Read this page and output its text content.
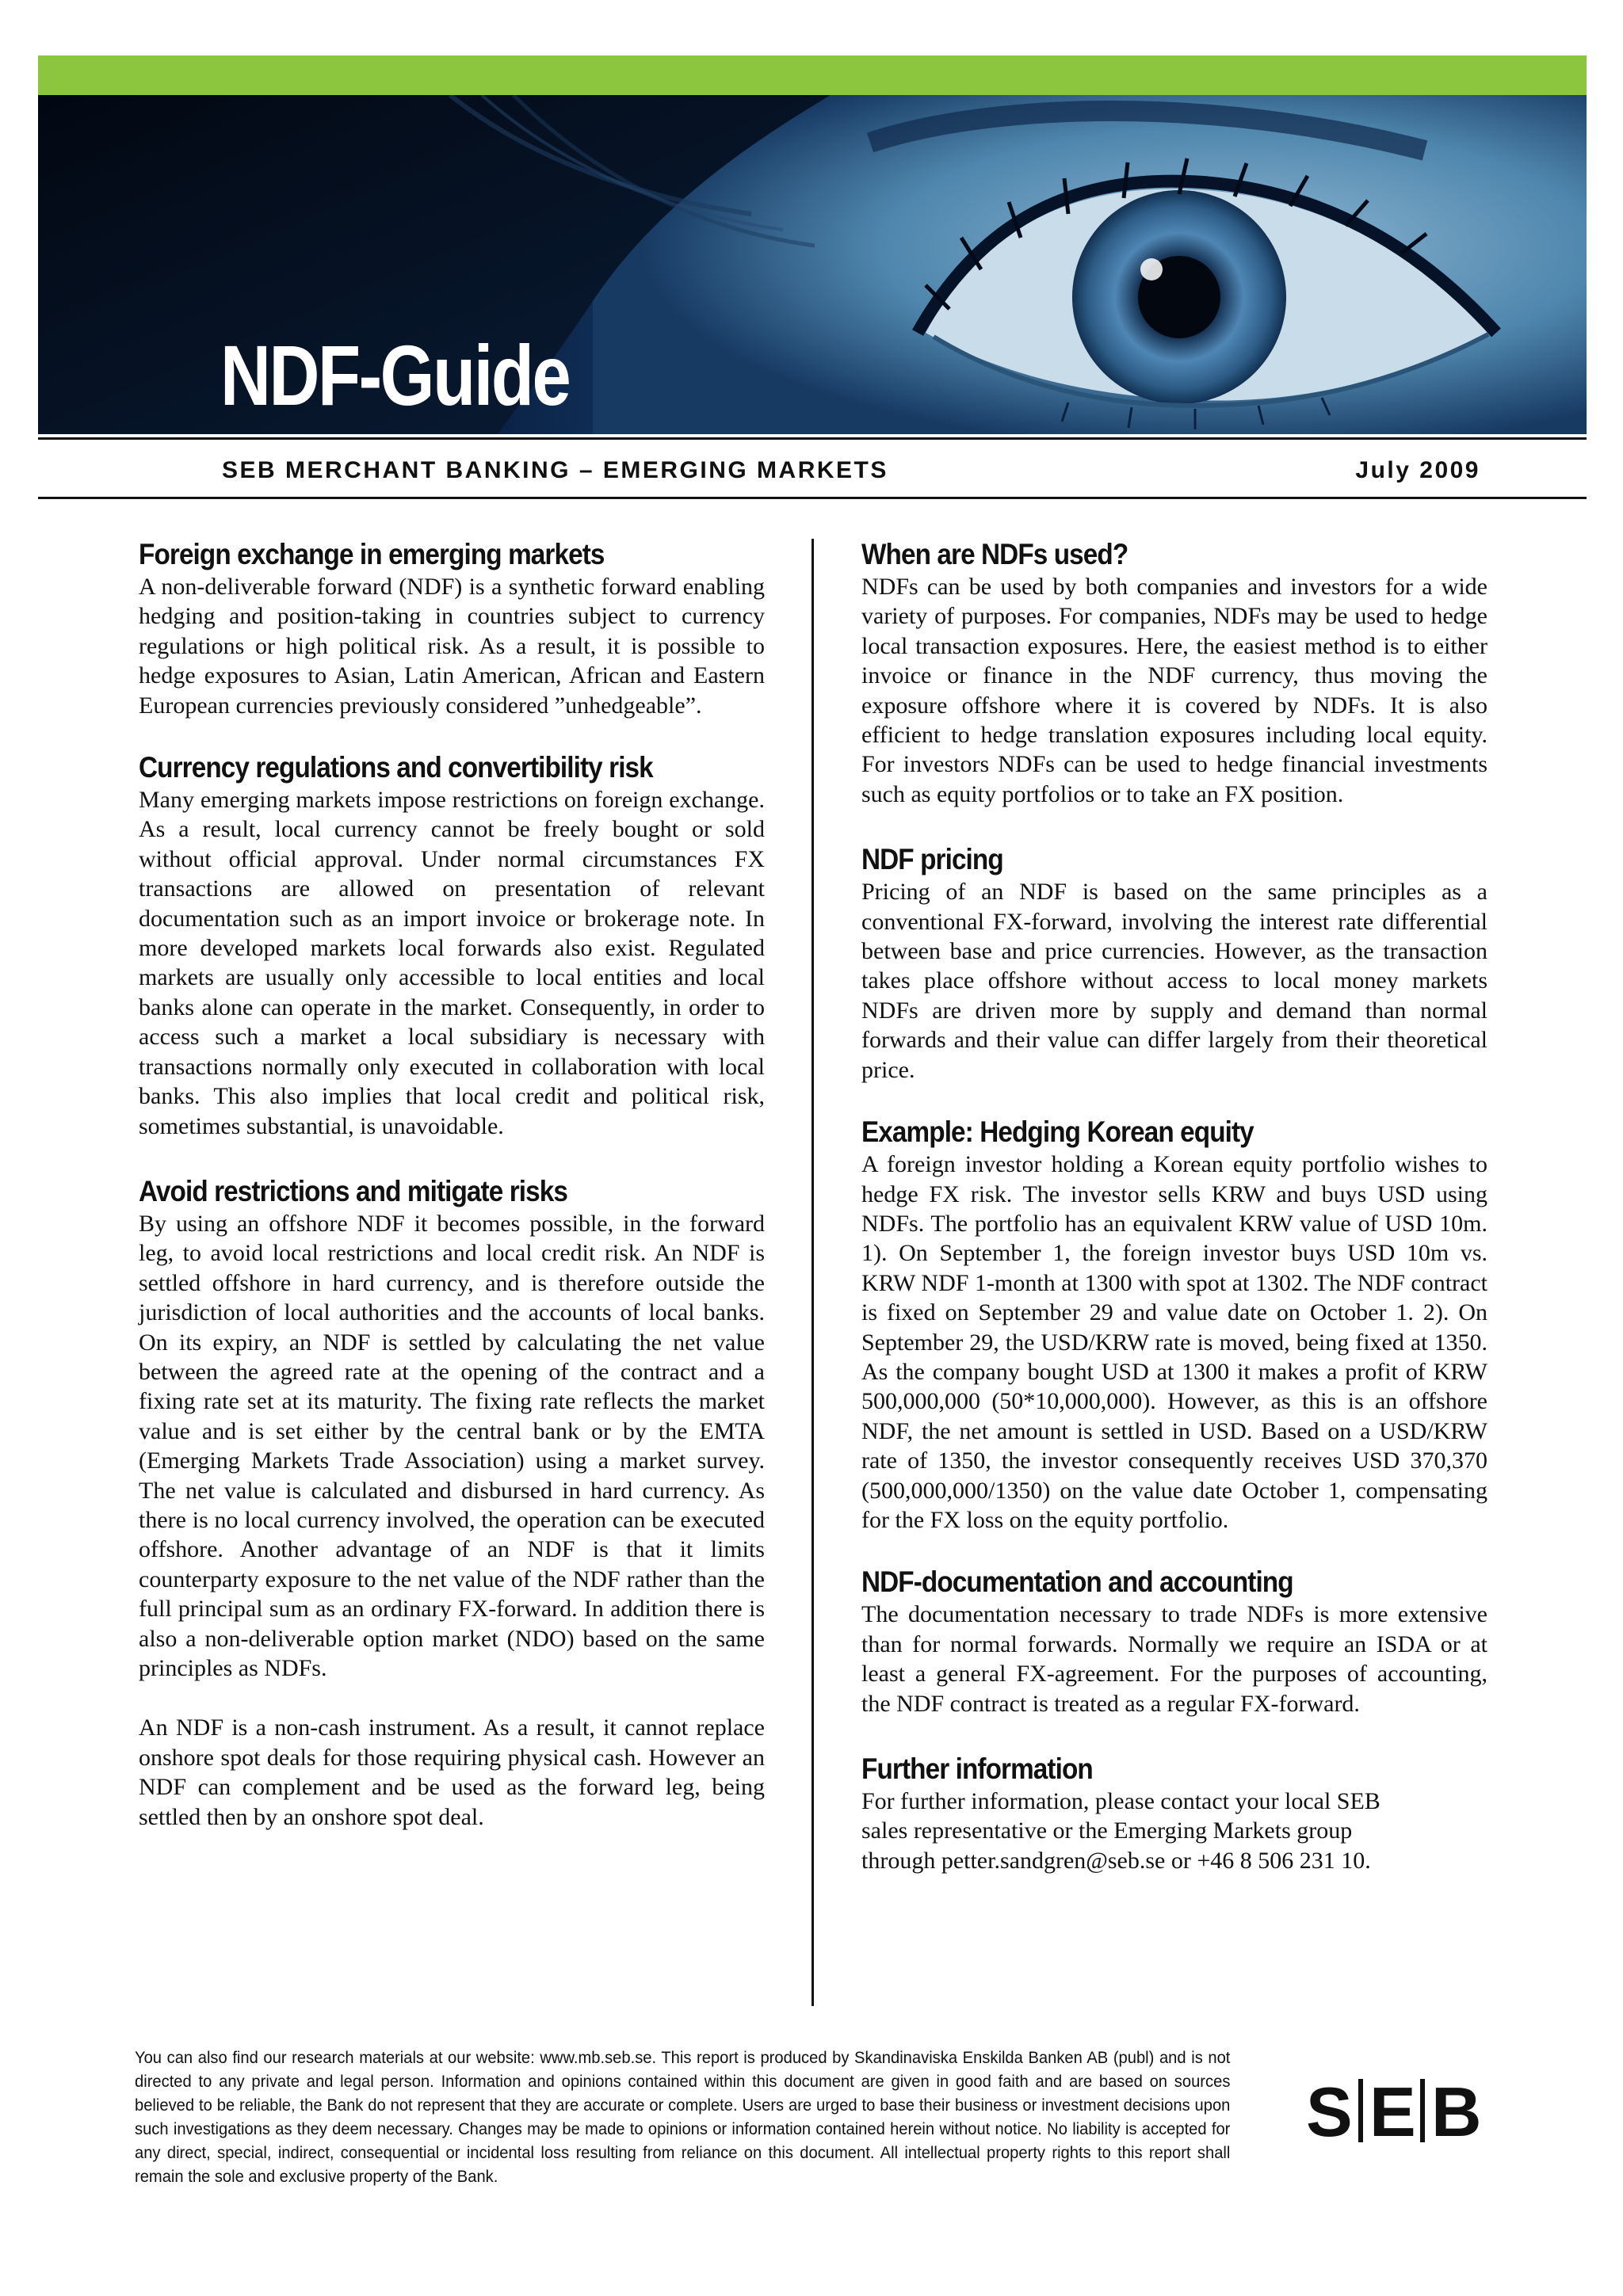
NDF-Guide
SEB MERCHANT BANKING – EMERGING MARKETS	July 2009
Foreign exchange in emerging markets

A non-deliverable forward (NDF) is a synthetic forward enabling hedging and position-taking in countries subject to currency regulations or high political risk. As a result, it is possible to hedge exposures to Asian, Latin American, African and Eastern European currencies previously considered ”unhedgeable”.

Currency regulations and convertibility risk

Many emerging markets impose restrictions on foreign exchange. As a result, local currency cannot be freely bought or sold without official approval. Under normal circumstances FX transactions are allowed on presentation of relevant documentation such as an import invoice or brokerage note. In more developed markets local forwards also exist. Regulated markets are usually only accessible to local entities and local banks alone can operate in the market. Consequently, in order to access such a market a local subsidiary is necessary with transactions normally only executed in collaboration with local banks. This also implies that local credit and political risk, sometimes substantial, is unavoidable.

Avoid restrictions and mitigate risks

By using an offshore NDF it becomes possible, in the forward leg, to avoid local restrictions and local credit risk. An NDF is settled offshore in hard currency, and is therefore outside the jurisdiction of local authorities and the accounts of local banks. On its expiry, an NDF is settled by calculating the net value between the agreed rate at the opening of the contract and a fixing rate set at its maturity. The fixing rate reflects the market value and is set either by the central bank or by the EMTA (Emerging Markets Trade Association) using a market survey. The net value is calculated and disbursed in hard currency. As there is no local currency involved, the operation can be executed offshore. Another advantage of an NDF is that it limits counterparty exposure to the net value of the NDF rather than the full principal sum as an ordinary FX-forward. In addition there is also a non-deliverable option market (NDO) based on the same principles as NDFs.

An NDF is a non-cash instrument. As a result, it cannot replace onshore spot deals for those requiring physical cash. However an NDF can complement and be used as the forward leg, being settled then by an onshore spot deal.

When are NDFs used?

NDFs can be used by both companies and investors for a wide variety of purposes. For companies, NDFs may be used to hedge local transaction exposures. Here, the easiest method is to either invoice or finance in the NDF currency, thus moving the exposure offshore where it is covered by NDFs. It is also efficient to hedge translation exposures including local equity. For investors NDFs can be used to hedge financial investments such as equity portfolios or to take an FX position.

NDF pricing

Pricing of an NDF is based on the same principles as a conventional FX-forward, involving the interest rate differential between base and price currencies. However, as the transaction takes place offshore without access to local money markets NDFs are driven more by supply and demand than normal forwards and their value can differ largely from their theoretical price.

Example: Hedging Korean equity

A foreign investor holding a Korean equity portfolio wishes to hedge FX risk. The investor sells KRW and buys USD using NDFs. The portfolio has an equivalent KRW value of USD 10m. 1). On September 1, the foreign investor buys USD 10m vs. KRW NDF 1-month at 1300 with spot at 1302. The NDF contract is fixed on September 29 and value date on October 1. 2). On September 29, the USD/KRW rate is moved, being fixed at 1350. As the company bought USD at 1300 it makes a profit of KRW 500,000,000 (50*10,000,000). However, as this is an offshore NDF, the net amount is settled in USD. Based on a USD/KRW rate of 1350, the investor consequently receives USD 370,370 (500,000,000/1350) on the value date October 1, compensating for the FX loss on the equity portfolio.

NDF-documentation and accounting

The documentation necessary to trade NDFs is more extensive than for normal forwards. Normally we require an ISDA or at least a general FX-agreement. For the purposes of accounting, the NDF contract is treated as a regular FX-forward.

Further information
For further information, please contact your local SEB
sales representative or the Emerging Markets group
through petter.sandgren@seb.se or +46 8 506 231 10.
You can also find our research materials at our website: www.mb.seb.se. This report is produced by Skandinaviska Enskilda Banken AB (publ) and is not directed to any private and legal person. Information and opinions contained within this document are given in good faith and are based on sources believed to be reliable, the Bank do not represent that they are accurate or complete. Users are urged to base their business or investment decisions upon such investigations as they deem necessary. Changes may be made to opinions or information contained herein without notice. No liability is accepted for any direct, special, indirect, consequential or incidental loss resulting from reliance on this document. All intellectual property rights to this report shall remain the sole and exclusive property of the Bank.
S E B
